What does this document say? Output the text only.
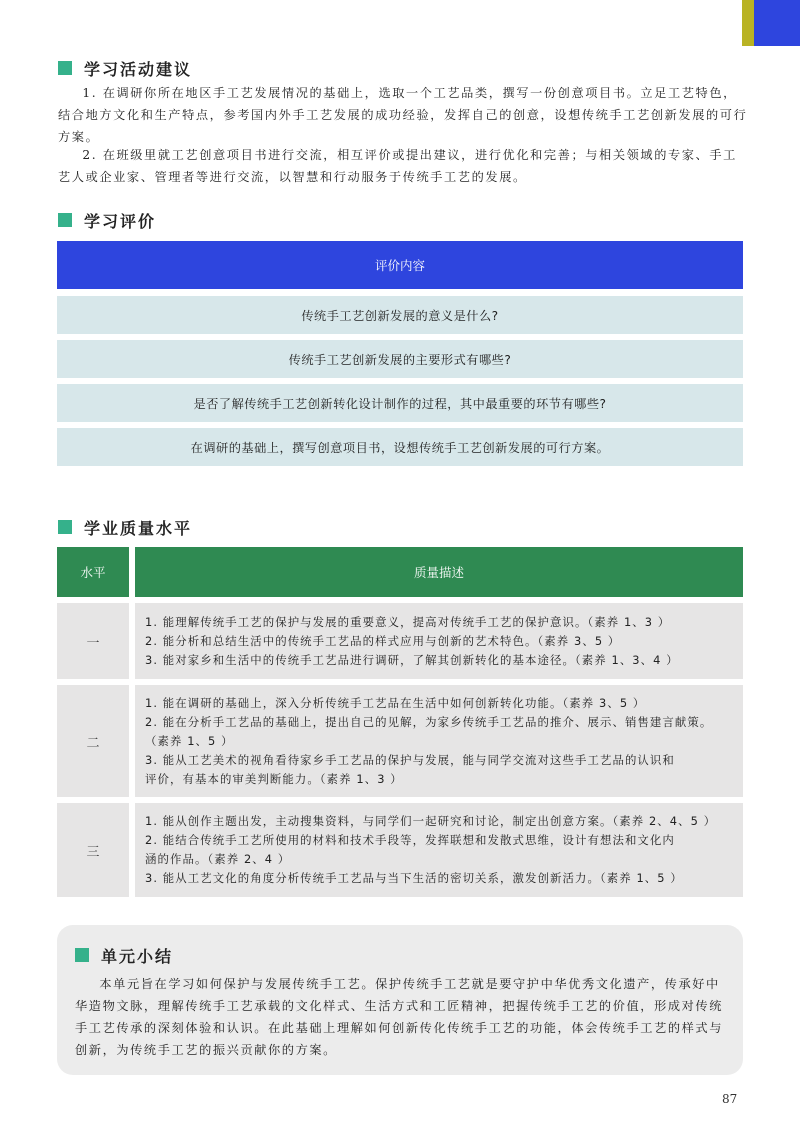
学习活动建议

1. 在调研你所在地区手工艺发展情况的基础上，选取一个工艺品类，撰写一份创意项目书。立足工艺特色，结合地方文化和生产特点，参考国内外手工艺发展的成功经验，发挥自己的创意，设想传统手工艺创新发展的可行方案。

2. 在班级里就工艺创意项目书进行交流，相互评价或提出建议，进行优化和完善；与相关领域的专家、手工艺人或企业家、管理者等进行交流，以智慧和行动服务于传统手工艺的发展。

学习评价
评价内容
传统手工艺创新发展的意义是什么?
传统手工艺创新发展的主要形式有哪些?
是否了解传统手工艺创新转化设计制作的过程，其中最重要的环节有哪些?
在调研的基础上，撰写创意项目书，设想传统手工艺创新发展的可行方案。
学业质量水平
水平	质量描述
一
1. 能理解传统手工艺的保护与发展的重要意义，提高对传统手工艺的保护意识。（素养 1、3 ）
2. 能分析和总结生活中的传统手工艺品的样式应用与创新的艺术特色。（素养 3、5 ）
3. 能对家乡和生活中的传统手工艺品进行调研，了解其创新转化的基本途径。（素养 1、3、4 ）
二
1. 能在调研的基础上，深入分析传统手工艺品在生活中如何创新转化功能。（素养 3、5 ）
2. 能在分析手工艺品的基础上，提出自己的见解，为家乡传统手工艺品的推介、展示、销售建言献策。
（素养 1、5 ）
3. 能从工艺美术的视角看待家乡手工艺品的保护与发展，能与同学交流对这些手工艺品的认识和
评价，有基本的审美判断能力。（素养 1、3 ）
三
1. 能从创作主题出发，主动搜集资料，与同学们一起研究和讨论，制定出创意方案。（素养 2、4、5 ）
2. 能结合传统手工艺所使用的材料和技术手段等，发挥联想和发散式思维，设计有想法和文化内
涵的作品。（素养 2、4 ）
3. 能从工艺文化的角度分析传统手工艺品与当下生活的密切关系，激发创新活力。（素养 1、5 ）
单元小结

本单元旨在学习如何保护与发展传统手工艺。保护传统手工艺就是要守护中华优秀文化遗产，传承好中华造物文脉，理解传统手工艺承载的文化样式、生活方式和工匠精神，把握传统手工艺的价值，形成对传统手工艺传承的深刻体验和认识。在此基础上理解如何创新传化传统手工艺的功能，体会传统手工艺的样式与创新，为传统手工艺的振兴贡献你的方案。

87
